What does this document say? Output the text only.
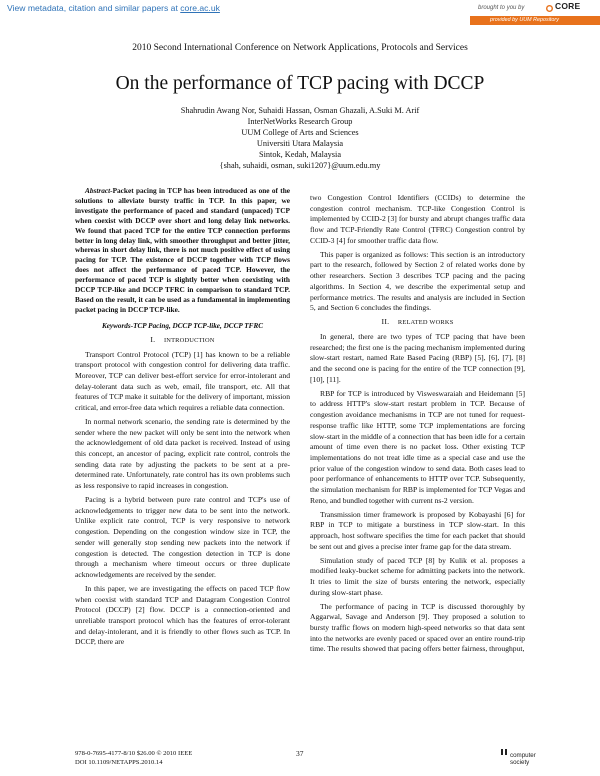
View metadata, citation and similar papers at core.ac.uk	brought to you by	CORE
provided by UUM Repository
2010 Second International Conference on Network Applications, Protocols and Services
On the performance of TCP pacing with DCCP
Shahrudin Awang Nor, Suhaidi Hassan, Osman Ghazali, A.Suki M. Arif
InterNetWorks Research Group
UUM College of Arts and Sciences
Universiti Utara Malaysia
Sintok, Kedah, Malaysia
{shah, suhaidi, osman, suki1207}@uum.edu.my

Abstract-Packet pacing in TCP has been introduced as one of the solutions to alleviate bursty traffic in TCP. In this paper, we investigate the performance of paced and standard (unpaced) TCP when coexist with DCCP over short and long delay link networks. We found that paced TCP for the entire TCP connection performs better in long delay link, with smoother throughput and better jitter, whereas in short delay link, there is not much positive effect of using pacing for TCP. The existence of DCCP together with TCP flows does not affect the performance of paced TCP. However, the performance of paced TCP is slightly better when coexisting with DCCP TCP-like and DCCP TFRC in comparison to standard TCP. Based on the result, it can be used as a fundamental in implementing packet pacing in DCCP TCP-like.

Keywords-TCP Pacing, DCCP TCP-like, DCCP TFRC

I. INTRODUCTION

Transport Control Protocol (TCP) [1] has known to be a reliable transport protocol with congestion control for delivering data traffic. Moreover, TCP can deliver best-effort service for error-intolerant and delay-tolerant data such as web, email, file transport, etc. All that features of TCP make it suitable for the delivery of important, mission critical, and error-free data which requires a reliable data connection.

In normal network scenario, the sending rate is determined by the sender where the new packet will only be sent into the network when the acknowledgement of old data packet is received. Instead of using this concept, an ancestor of pacing, explicit rate control, controls the sending data rate by adjusting the packets to be sent at a pre-determined rate. Unfortunately, rate control has its own problems such as less responsive to rapid increases in congestion.

Pacing is a hybrid between pure rate control and TCP's use of acknowledgements to trigger new data to be sent into the network. Unlike explicit rate control, TCP is very responsive to network congestion. Depending on the congestion window size in TCP, the sender will generally stop sending new packets into the network if congestion is detected. The congestion detection in TCP is done through a mechanism where timeout occurs or three duplicate acknowledgements are received by the sender.

In this paper, we are investigating the effects on paced TCP flow when coexist with standard TCP and Datagram Congestion Control Protocol (DCCP) [2] flow. DCCP is a connection-oriented and unreliable transport protocol which has the features of error-tolerant and delay-intolerant, and it is friendly to other flows such as TCP. In DCCP, there are

two Congestion Control Identifiers (CCIDs) to determine the congestion control mechanism. TCP-like Congestion Control is implemented by CCID-2 [3] for bursty and abrupt changes traffic data flow and TCP-Friendly Rate Control (TFRC) Congestion control by CCID-3 [4] for smoother traffic data flow.

This paper is organized as follows: This section is an introductory part to the research, followed by Section 2 of related works done by other researchers. Section 3 describes TCP pacing and the pacing algorithms. In Section 4, we describe the experimental setup and performance metrics. The results and analysis are included in Section 5, and Section 6 concludes the findings.

II. RELATED WORKS

In general, there are two types of TCP pacing that have been researched; the first one is the pacing mechanism implemented during slow-start restart, named Rate Based Pacing (RBP) [5], [6], [7], [8] and the second one is pacing for the entire of the TCP connection [9], [10], [11].

RBP for TCP is introduced by Visweswaraiah and Heidemann [5] to address HTTP's slow-start restart problem in TCP. Because of congestion avoidance mechanisms in TCP are not tuned for request-response traffic like HTTP, some TCP implementations are forcing slow-start in the middle of a connection that has been idle for a certain amount of time even there is no packet loss. Other existing TCP implementations do not treat idle time as a special case and use the prior value of the congestion window to send data. Both cases lead to poor performance of enhancements to HTTP over TCP. Subsequently, the simulation mechanism for RBP is implemented for TCP Vegas and Reno, and bundled together with current ns-2 version.

Transmission timer framework is proposed by Kobayashi [6] for RBP in TCP to mitigate a burstiness in TCP slow-start. In this approach, host software specifies the time for each packet that should be sent out and gives a precise inter frame gap for the data stream.

Simulation study of paced TCP [8] by Kulik et al. proposes a modified leaky-bucket scheme for admitting packets into the network. It tries to limit the size of bursts entering the network, especially during slow-start phase.

The performance of pacing in TCP is discussed thoroughly by Aggarwal, Savage and Anderson [9]. They proposed a solution to bursty traffic flows on modern high-speed networks so that data sent into the networks are evenly paced or spaced over an entire round-trip time. The results showed that pacing offers better fairness, throughput,

978-0-7695-4177-8/10 $26.00 © 2010 IEEE
DOI 10.1109/NETAPPS.2010.14
37	computer
society
